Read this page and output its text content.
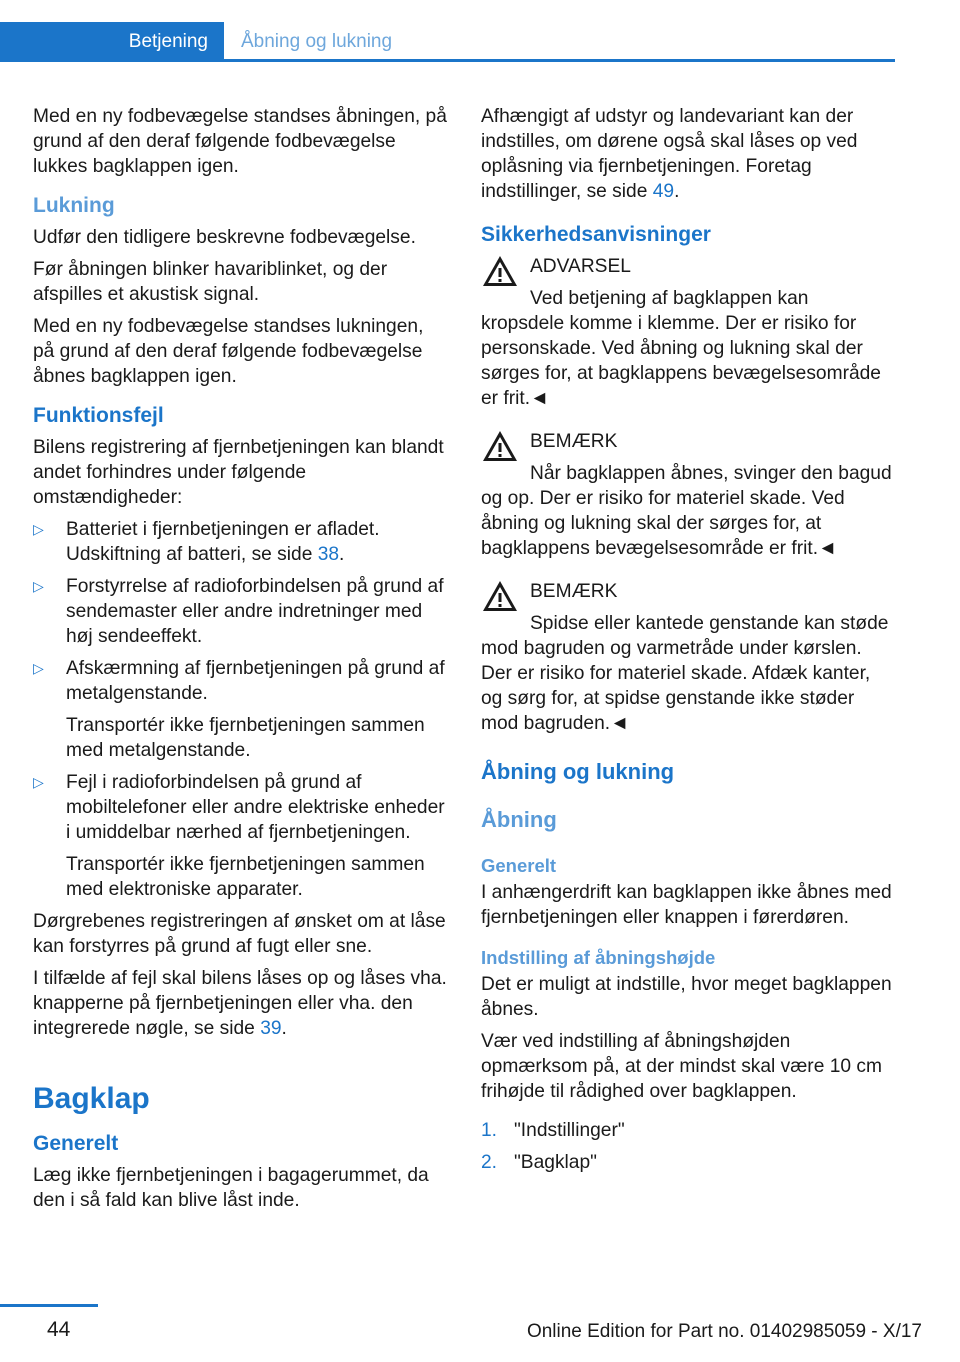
Betjening	Åbning og lukning

Med en ny fodbevægelse standses åbningen, på grund af den deraf følgende fodbevægelse lukkes bagklappen igen.

Lukning

Udfør den tidligere beskrevne fodbevægelse.

Før åbningen blinker havariblinket, og der afspilles et akustisk signal.

Med en ny fodbevægelse standses lukningen, på grund af den deraf følgende fodbevægelse åbnes bagklappen igen.

Funktionsfejl

Bilens registrering af fjernbetjeningen kan blandt andet forhindres under følgende omstændigheder:

▷ Batteriet i fjernbetjeningen er afladet. Udskiftning af batteri, se side 38.
▷ Forstyrrelse af radioforbindelsen på grund af sendemaster eller andre indretninger med høj sendeeffekt.
▷ Afskærmning af fjernbetjeningen på grund af metalgenstande.
Transportér ikke fjernbetjeningen sammen med metalgenstande.
▷ Fejl i radioforbindelsen på grund af mobiltelefoner eller andre elektriske enheder i umiddelbar nærhed af fjernbetjeningen.
Transportér ikke fjernbetjeningen sammen med elektroniske apparater.

Dørgrebenes registreringen af ønsket om at låse kan forstyrres på grund af fugt eller sne.

I tilfælde af fejl skal bilens låses op og låses vha. knapperne på fjernbetjeningen eller vha. den integrerede nøgle, se side 39.

Bagklap
Generelt

Læg ikke fjernbetjeningen i bagagerummet, da den i så fald kan blive låst inde.

Afhængigt af udstyr og landevariant kan der indstilles, om dørene også skal låses op ved oplåsning via fjernbetjeningen. Foretag indstillinger, se side 49.

Sikkerhedsanvisninger
ADVARSEL
Ved betjening af bagklappen kan kropsdele komme i klemme. Der er risiko for personskade. Ved åbning og lukning skal der sørges for, at bagklappens bevægelsesområde er frit.◄
BEMÆRK
Når bagklappen åbnes, svinger den bagud og op. Der er risiko for materiel skade. Ved åbning og lukning skal der sørges for, at bagklappens bevægelsesområde er frit.◄
BEMÆRK
Spidse eller kantede genstande kan støde mod bagruden og varmetråde under kørslen. Der er risiko for materiel skade. Afdæk kanter, og sørg for, at spidse genstande ikke støder mod bagruden.◄
Åbning og lukning
Åbning
Generelt

I anhængerdrift kan bagklappen ikke åbnes med fjernbetjeningen eller knappen i førerdøren.

Indstilling af åbningshøjde

Det er muligt at indstille, hvor meget bagklappen åbnes.

Vær ved indstilling af åbningshøjden opmærksom på, at der mindst skal være 10 cm frihøjde til rådighed over bagklappen.

1. "Indstillinger"
2. "Bagklap"
44	Online Edition for Part no. 01402985059 - X/17
